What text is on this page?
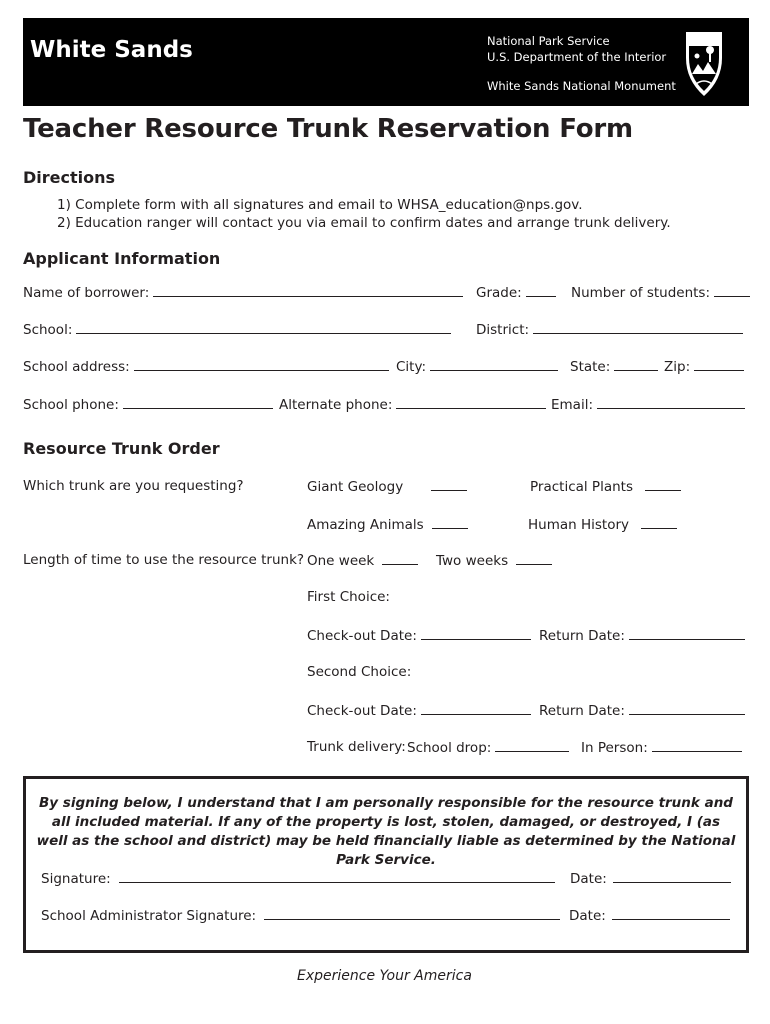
White Sands	National Park Service
U.S. Department of the Interior
White Sands National Monument
Teacher Resource Trunk Reservation Form
Directions
1) Complete form with all signatures and email to WHSA_education@nps.gov.
2) Education ranger will contact you via email to confirm dates and arrange trunk delivery.
Applicant Information
Name of borrower:	Grade:	Number of students:
School:	District:
School address:	City:	State:	Zip:
School phone:	Alternate phone:	Email:
Resource Trunk Order
Which trunk are you requesting?	Giant Geology	Practical Plants
Amazing Animals	Human History
Length of time to use the resource trunk? One week	Two weeks
First Choice:
Check-out Date:	Return Date:
Second Choice:
Check-out Date:	Return Date:
Trunk delivery: School drop:	In Person:
By signing below, I understand that I am personally responsible for the resource trunk and all included material. If any of the property is lost, stolen, damaged, or destroyed, I (as well as the school and district) may be held financially liable as determined by the National Park Service.
Signature:	Date:
School Administrator Signature:	Date:
Experience Your America
